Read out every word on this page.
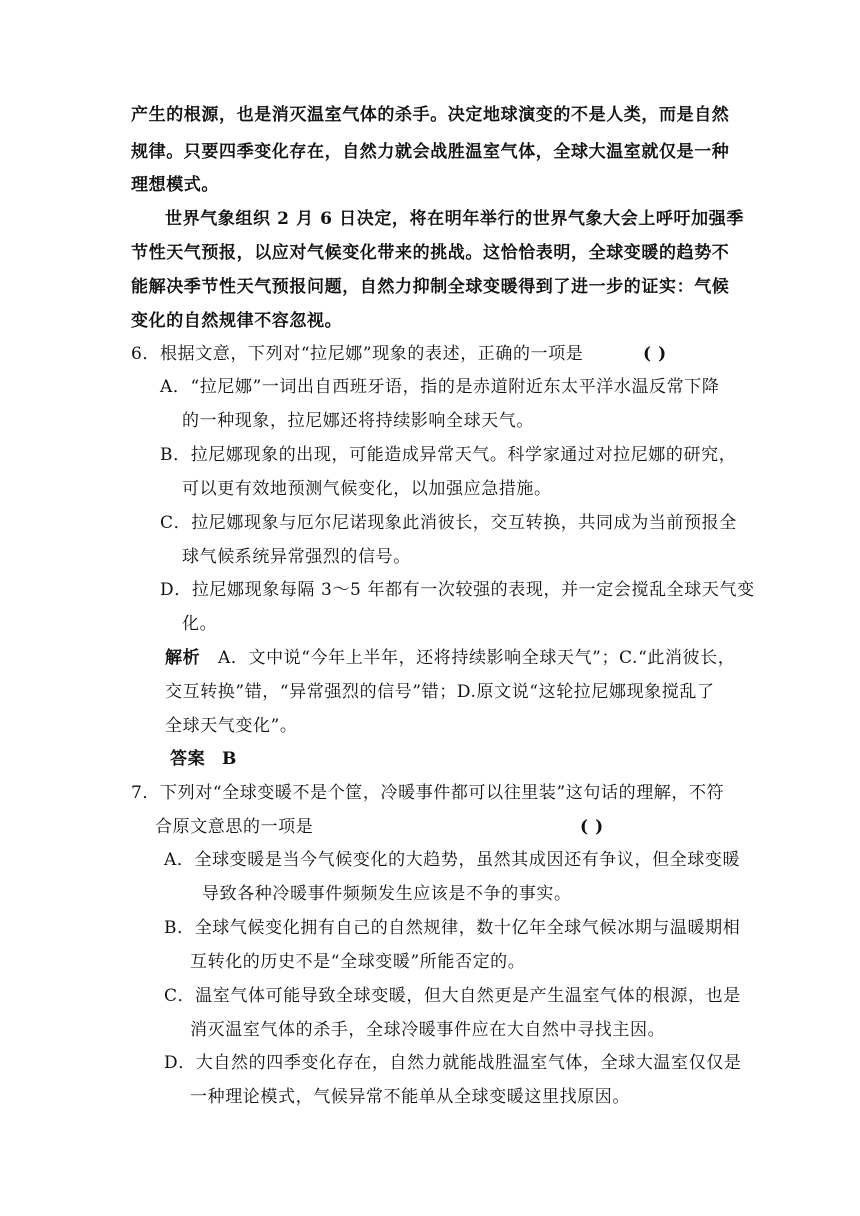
产生的根源，也是消灭温室气体的杀手。决定地球演变的不是人类，而是自然
规律。只要四季变化存在，自然力就会战胜温室气体，全球大温室就仅是一种
理想模式。
世界气象组织 2 月 6 日决定，将在明年举行的世界气象大会上呼吁加强季
节性天气预报，以应对气候变化带来的挑战。这恰恰表明，全球变暖的趋势不
能解决季节性天气预报问题，自然力抑制全球变暖得到了进一步的证实：气候
变化的自然规律不容忽视。
6．根据文意，下列对“拉尼娜”现象的表述，正确的一项是	( )
A．“拉尼娜”一词出自西班牙语，指的是赤道附近东太平洋水温反常下降
的一种现象，拉尼娜还将持续影响全球天气。
B．拉尼娜现象的出现，可能造成异常天气。科学家通过对拉尼娜的研究，
可以更有效地预测气候变化，以加强应急措施。
C．拉尼娜现象与厄尔尼诺现象此消彼长，交互转换，共同成为当前预报全
球气候系统异常强烈的信号。
D．拉尼娜现象每隔 3～5 年都有一次较强的表现，并一定会搅乱全球天气变
化。
解析 A．文中说“今年上半年，还将持续影响全球天气”；C.“此消彼长，
交互转换”错，“异常强烈的信号”错；D.原文说“这轮拉尼娜现象搅乱了
全球天气变化”。
答案 B
7．下列对“全球变暖不是个筐，冷暖事件都可以往里装”这句话的理解，不符
合原文意思的一项是	( )
A．全球变暖是当今气候变化的大趋势，虽然其成因还有争议，但全球变暖
导致各种冷暖事件频频发生应该是不争的事实。
B．全球气候变化拥有自己的自然规律，数十亿年全球气候冰期与温暖期相
互转化的历史不是“全球变暖”所能否定的。
C．温室气体可能导致全球变暖，但大自然更是产生温室气体的根源，也是
消灭温室气体的杀手，全球冷暖事件应在大自然中寻找主因。
D．大自然的四季变化存在，自然力就能战胜温室气体，全球大温室仅仅是
一种理论模式，气候异常不能单从全球变暖这里找原因。
